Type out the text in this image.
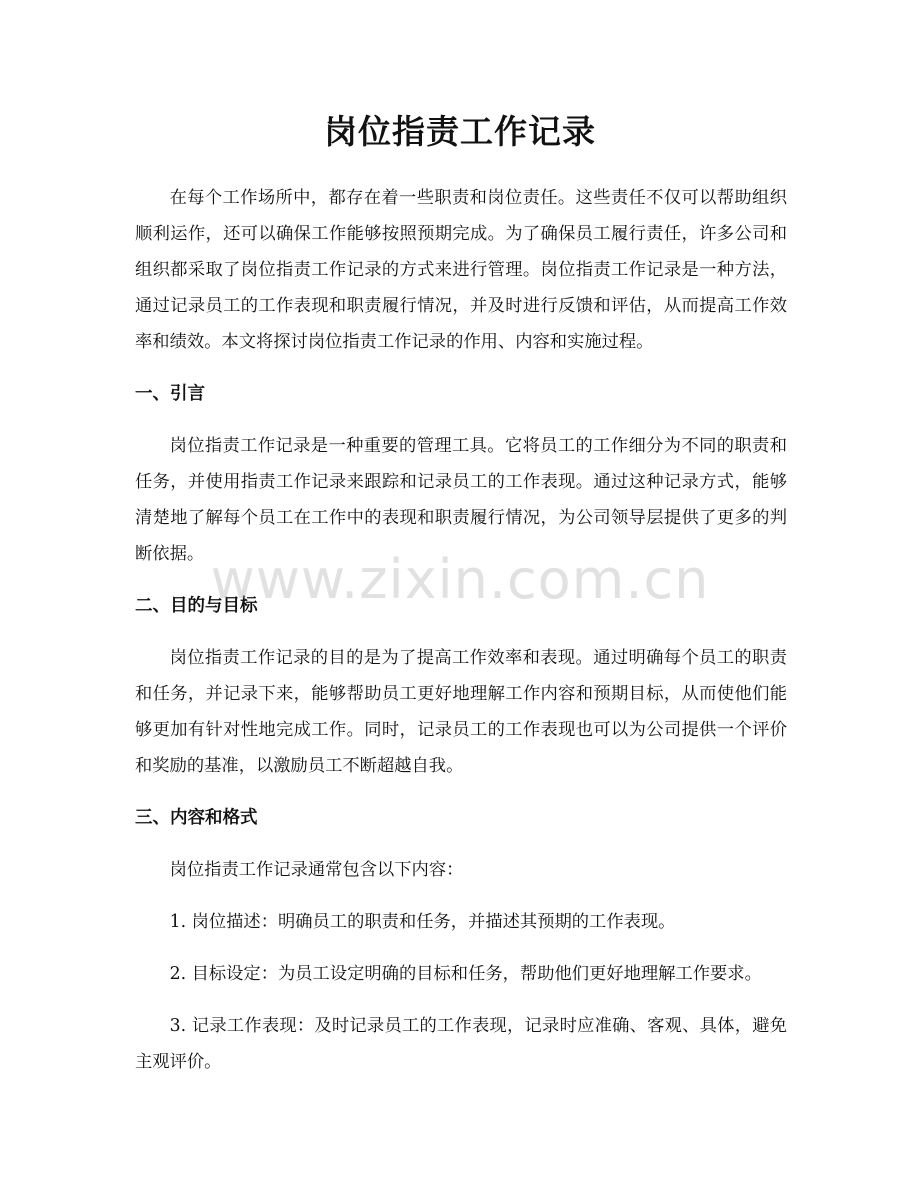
岗位指责工作记录

在每个工作场所中，都存在着一些职责和岗位责任。这些责任不仅可以帮助组织顺利运作，还可以确保工作能够按照预期完成。为了确保员工履行责任，许多公司和组织都采取了岗位指责工作记录的方式来进行管理。岗位指责工作记录是一种方法，通过记录员工的工作表现和职责履行情况，并及时进行反馈和评估，从而提高工作效率和绩效。本文将探讨岗位指责工作记录的作用、内容和实施过程。

一、引言

岗位指责工作记录是一种重要的管理工具。它将员工的工作细分为不同的职责和任务，并使用指责工作记录来跟踪和记录员工的工作表现。通过这种记录方式，能够清楚地了解每个员工在工作中的表现和职责履行情况，为公司领导层提供了更多的判断依据。

二、目的与目标

岗位指责工作记录的目的是为了提高工作效率和表现。通过明确每个员工的职责和任务，并记录下来，能够帮助员工更好地理解工作内容和预期目标，从而使他们能够更加有针对性地完成工作。同时，记录员工的工作表现也可以为公司提供一个评价和奖励的基准，以激励员工不断超越自我。

三、内容和格式

岗位指责工作记录通常包含以下内容：

1. 岗位描述：明确员工的职责和任务，并描述其预期的工作表现。

2. 目标设定：为员工设定明确的目标和任务，帮助他们更好地理解工作要求。

3. 记录工作表现：及时记录员工的工作表现，记录时应准确、客观、具体，避免主观评价。

www.zixin.com.cn
